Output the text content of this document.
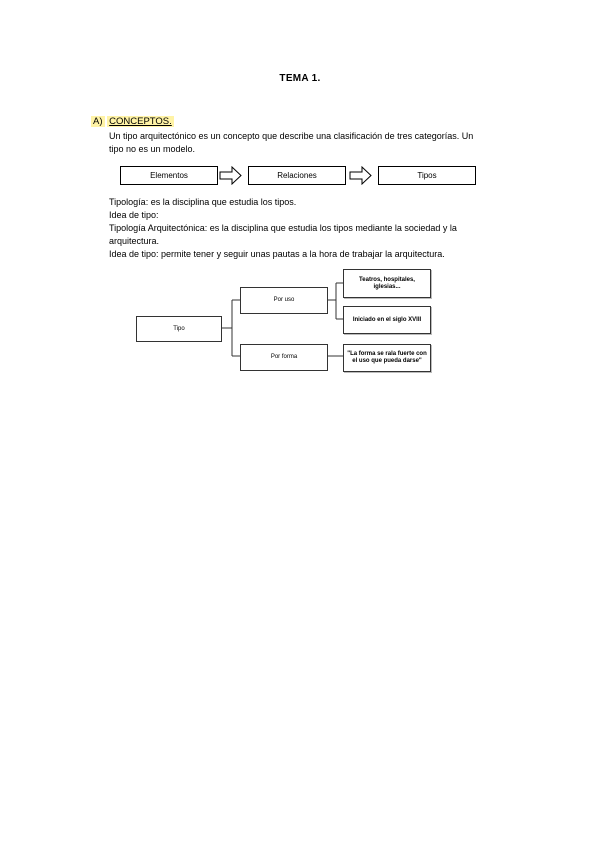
TEMA 1.
A) CONCEPTOS.
Un tipo arquitectónico es un concepto que describe una clasificación de tres categorías. Un
tipo no es un modelo.
Elementos	Relaciones	Tipos
Tipología: es la disciplina que estudia los tipos.
Idea de tipo:
Tipología Arquitectónica: es la disciplina que estudia los tipos mediante la sociedad y la
arquitectura.
Idea de tipo: permite tener y seguir unas pautas a la hora de trabajar la arquitectura.
Tipo
Por uso
Por forma
Teatros, hospitales,
iglesias...
Iniciado en el siglo XVIII
"La forma se rala fuerte con
el uso que pueda darse"
